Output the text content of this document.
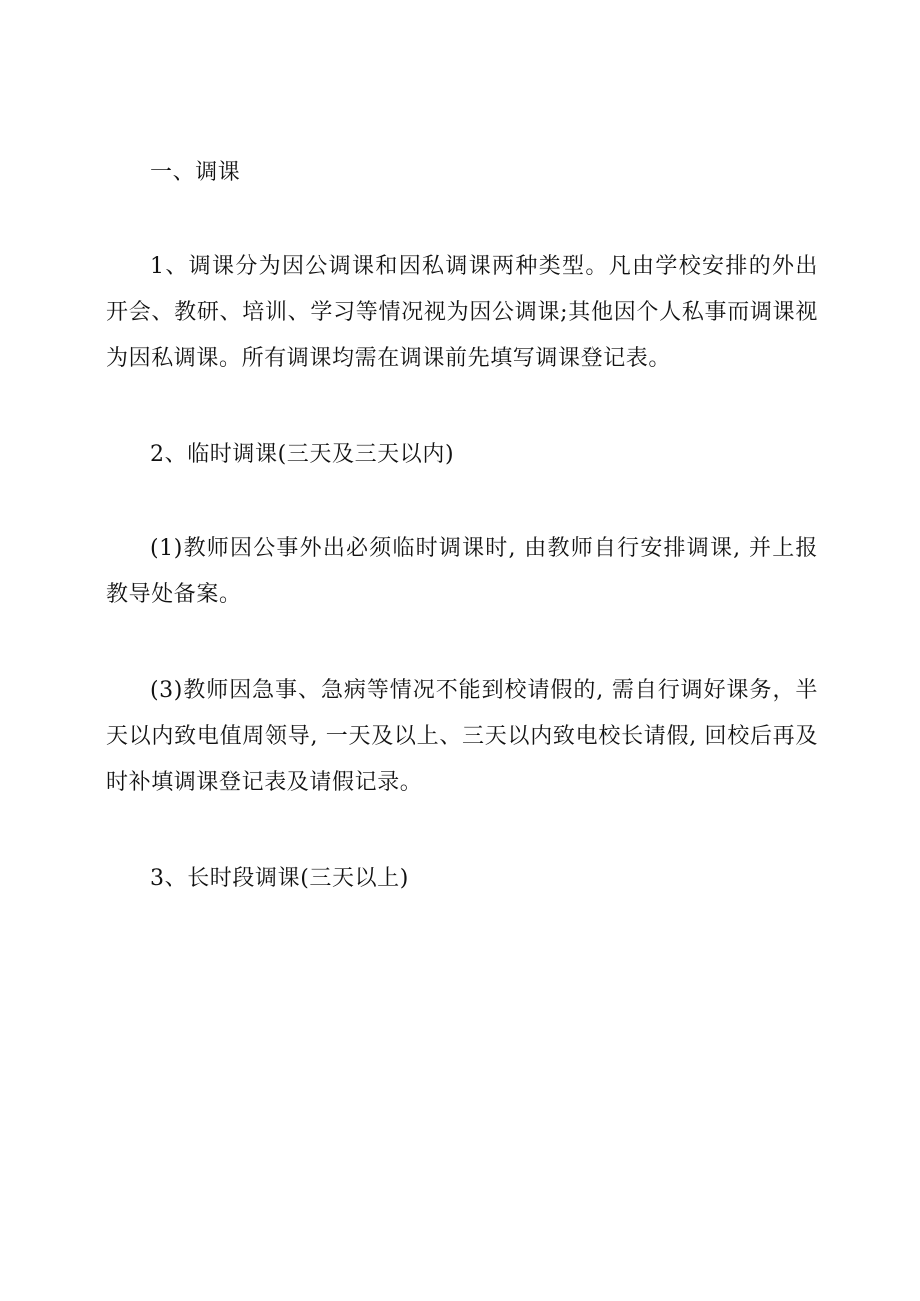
一、调课

1、调课分为因公调课和因私调课两种类型。凡由学校安排的外出开会、教研、培训、学习等情况视为因公调课;其他因个人私事而调课视为因私调课。所有调课均需在调课前先填写调课登记表。

2、临时调课(三天及三天以内)

(1)教师因公事外出必须临时调课时, 由教师自行安排调课, 并上报教导处备案。

(3)教师因急事、急病等情况不能到校请假的, 需自行调好课务，半天以内致电值周领导, 一天及以上、三天以内致电校长请假, 回校后再及时补填调课登记表及请假记录。

3、长时段调课(三天以上)
